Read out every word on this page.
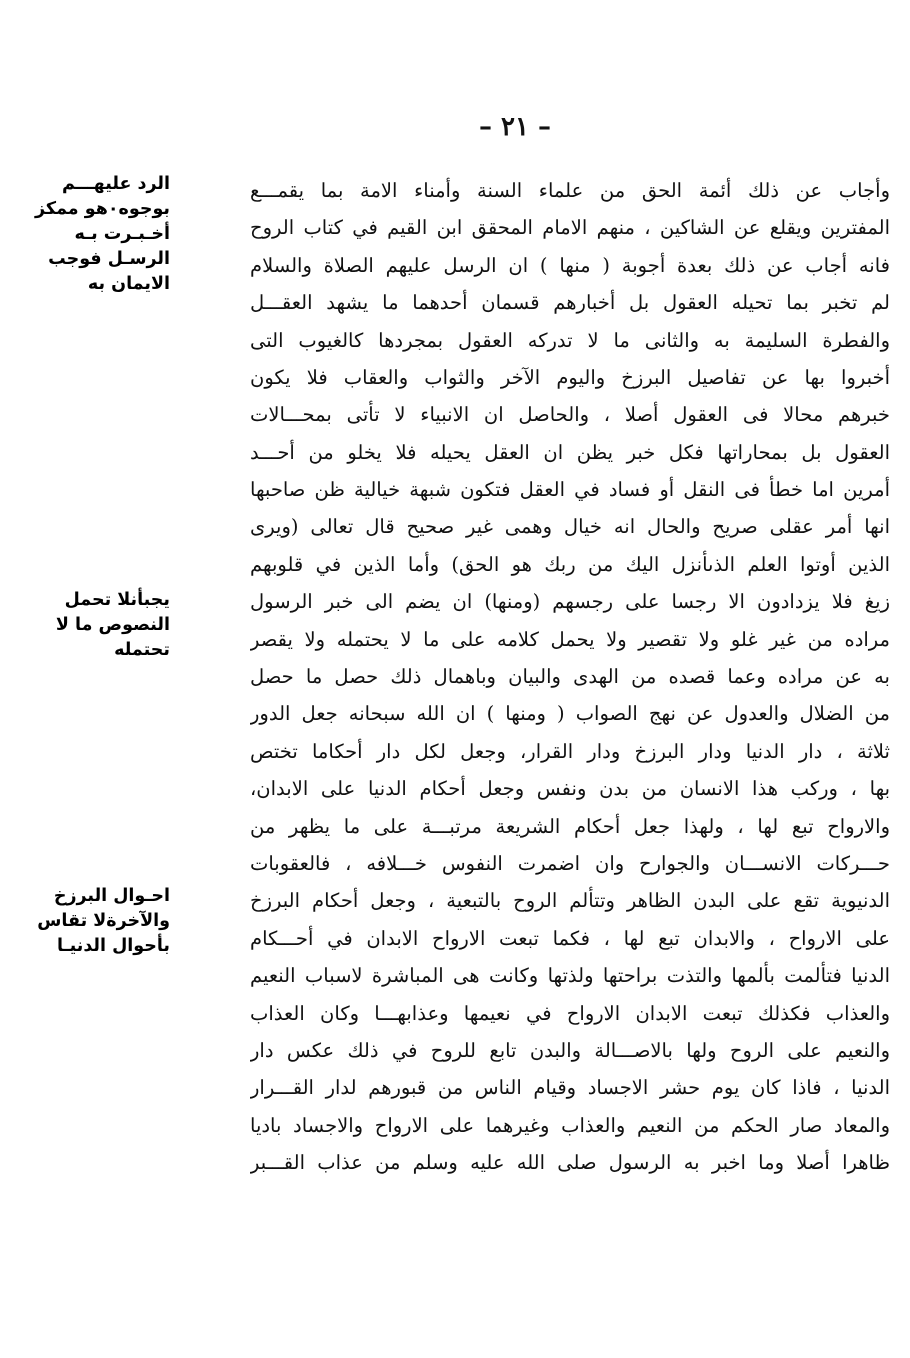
– ٢١ –
الرد عليهـــم
بوجوه٠هو ممكز
أخـبـرت بـه
الرسـل فوجب
الايمان به
يجبأنلا تحمل
النصوص ما لا
تحتمله
احـوال البرزخ
والآخرةلا تقاس
بأحوال الدنيـا
وأجاب عن ذلك أئمة الحق من علماء السنة وأمناء الامة بما يقمـــع
المفترين ويقلع عن الشاكين ، منهم الامام المحقق ابن القيم في كتاب الروح
فانه أجاب عن ذلك بعدة أجوبة ( منها ) ان الرسل عليهم الصلاة والسلام
لم تخبر بما تحيله العقول بل أخبارهم قسمان أحدهما ما يشهد العقـــل
والفطرة السليمة به والثانى ما لا تدركه العقول بمجردها كالغيوب التى
أخبروا بها عن تفاصيل البرزخ واليوم الآخر والثواب والعقاب فلا يكون
خبرهم محالا فى العقول أصلا ، والحاصل ان الانبياء لا تأتى بمحـــالات
العقول بل بمحاراتها فكل خبر يظن ان العقل يحيله فلا يخلو من أحـــد
أمرين اما خطأ فى النقل أو فساد في العقل فتكون شبهة خيالية ظن صاحبها
انها أمر عقلى صريح والحال انه خيال وهمى غير صحيح قال تعالى (ويرى
الذين أوتوا العلم الذىأنزل اليك من ربك هو الحق) وأما الذين في قلوبهم
زيغ فلا يزدادون الا رجسا على رجسهم (ومنها) ان يضم الى خبر الرسول
مراده من غير غلو ولا تقصير ولا يحمل كلامه على ما لا يحتمله ولا يقصر
به عن مراده وعما قصده من الهدى والبيان وباهمال ذلك حصل ما حصل
من الضلال والعدول عن نهج الصواب ( ومنها ) ان الله سبحانه جعل الدور
ثلاثة ، دار الدنيا ودار البرزخ ودار القرار، وجعل لكل دار أحكاما تختص
بها ، وركب هذا الانسان من بدن ونفس وجعل أحكام الدنيا على الابدان،
والارواح تبع لها ، ولهذا جعل أحكام الشريعة مرتبـــة على ما يظهر من
حـــركات الانســـان والجوارح وان اضمرت النفوس خـــلافه ، فالعقوبات
الدنيوية تقع على البدن الظاهر وتتألم الروح بالتبعية ، وجعل أحكام البرزخ
على الارواح ، والابدان تبع لها ، فكما تبعت الارواح الابدان في أحـــكام
الدنيا فتألمت بألمها والتذت براحتها ولذتها وكانت هى المباشرة لاسباب النعيم
والعذاب فكذلك تبعت الابدان الارواح في نعيمها وعذابهـــا وكان العذاب
والنعيم على الروح ولها بالاصـــالة والبدن تابع للروح في ذلك عكس دار
الدنيا ، فاذا كان يوم حشر الاجساد وقيام الناس من قبورهم لدار القـــرار
والمعاد صار الحكم من النعيم والعذاب وغيرهما على الارواح والاجساد باديا
ظاهرا أصلا وما اخبر به الرسول صلى الله عليه وسلم من عذاب القـــبر
